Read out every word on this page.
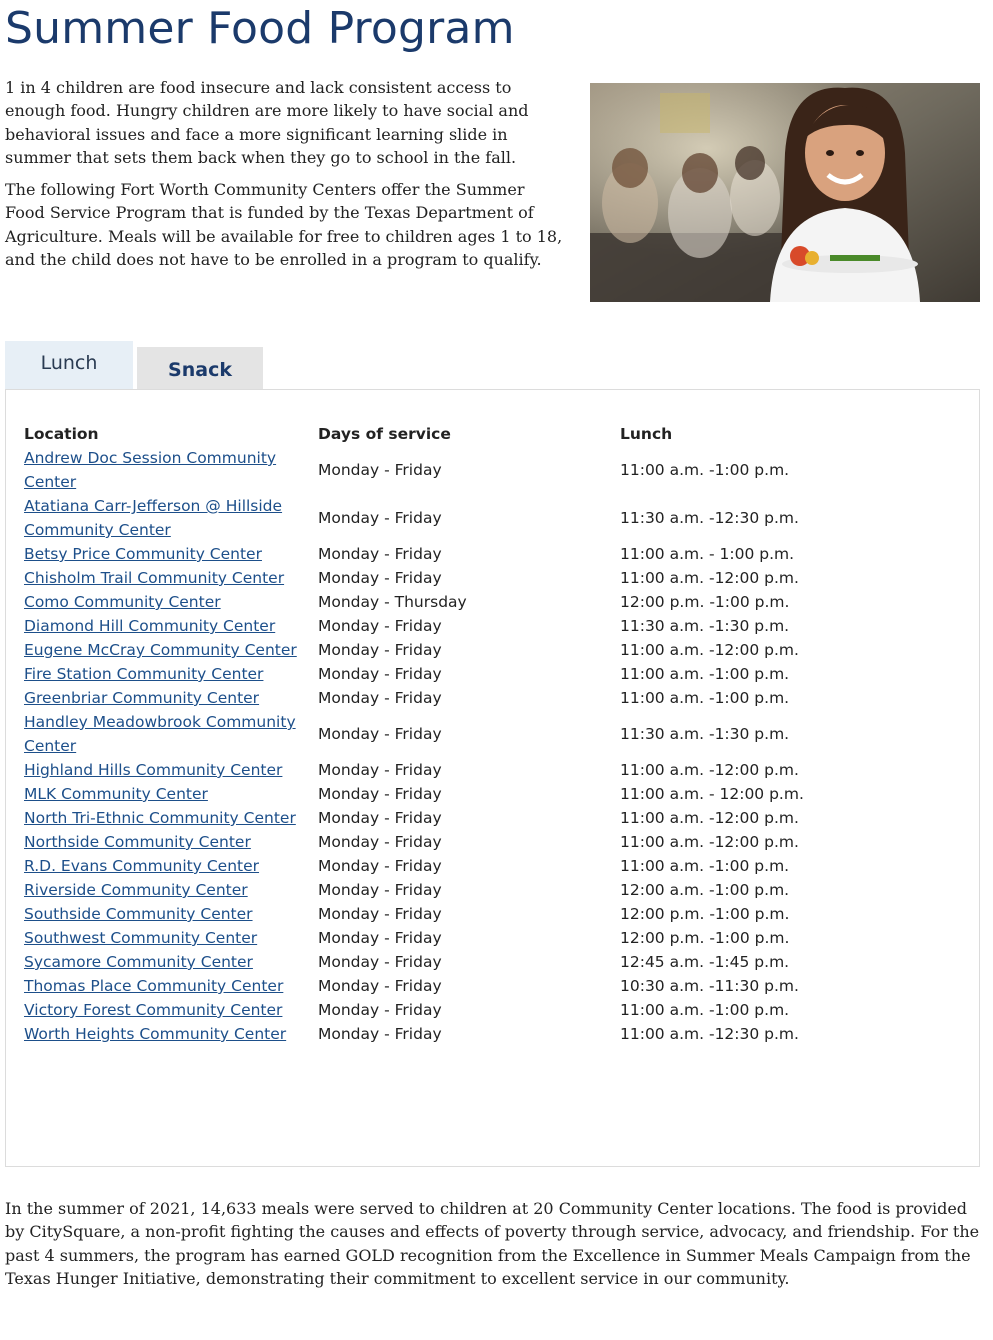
Summer Food Program

1 in 4 children are food insecure and lack consistent access to enough food. Hungry children are more likely to have social and behavioral issues and face a more significant learning slide in summer that sets them back when they go to school in the fall.

The following Fort Worth Community Centers offer the Summer Food Service Program that is funded by the Texas Department of Agriculture. Meals will be available for free to children ages 1 to 18, and the child does not have to be enrolled in a program to qualify.

Lunch	Snack
Location	Days of service	Lunch
Andrew Doc Session Community Center	Monday - Friday	11:00 a.m. -1:00 p.m.
Atatiana Carr-Jefferson @ Hillside Community Center	Monday - Friday	11:30 a.m. -12:30 p.m.
Betsy Price Community Center	Monday - Friday	11:00 a.m. - 1:00 p.m.
Chisholm Trail Community Center	Monday - Friday	11:00 a.m. -12:00 p.m.
Como Community Center	Monday - Thursday	12:00 p.m. -1:00 p.m.
Diamond Hill Community Center	Monday - Friday	11:30 a.m. -1:30 p.m.
Eugene McCray Community Center	Monday - Friday	11:00 a.m. -12:00 p.m.
Fire Station Community Center	Monday - Friday	11:00 a.m. -1:00 p.m.
Greenbriar Community Center	Monday - Friday	11:00 a.m. -1:00 p.m.
Handley Meadowbrook Community Center	Monday - Friday	11:30 a.m. -1:30 p.m.
Highland Hills Community Center	Monday - Friday	11:00 a.m. -12:00 p.m.
MLK Community Center	Monday - Friday	11:00 a.m. - 12:00 p.m.
North Tri-Ethnic Community Center	Monday - Friday	11:00 a.m. -12:00 p.m.
Northside Community Center	Monday - Friday	11:00 a.m. -12:00 p.m.
R.D. Evans Community Center	Monday - Friday	11:00 a.m. -1:00 p.m.
Riverside Community Center	Monday - Friday	12:00 a.m. -1:00 p.m.
Southside Community Center	Monday - Friday	12:00 p.m. -1:00 p.m.
Southwest Community Center	Monday - Friday	12:00 p.m. -1:00 p.m.
Sycamore Community Center	Monday - Friday	12:45 a.m. -1:45 p.m.
Thomas Place Community Center	Monday - Friday	10:30 a.m. -11:30 p.m.
Victory Forest Community Center	Monday - Friday	11:00 a.m. -1:00 p.m.
Worth Heights Community Center	Monday - Friday	11:00 a.m. -12:30 p.m.
In the summer of 2021, 14,633 meals were served to children at 20 Community Center locations. The food is provided by CitySquare, a non-profit fighting the causes and effects of poverty through service, advocacy, and friendship. For the past 4 summers, the program has earned GOLD recognition from the Excellence in Summer Meals Campaign from the Texas Hunger Initiative, demonstrating their commitment to excellent service in our community.
